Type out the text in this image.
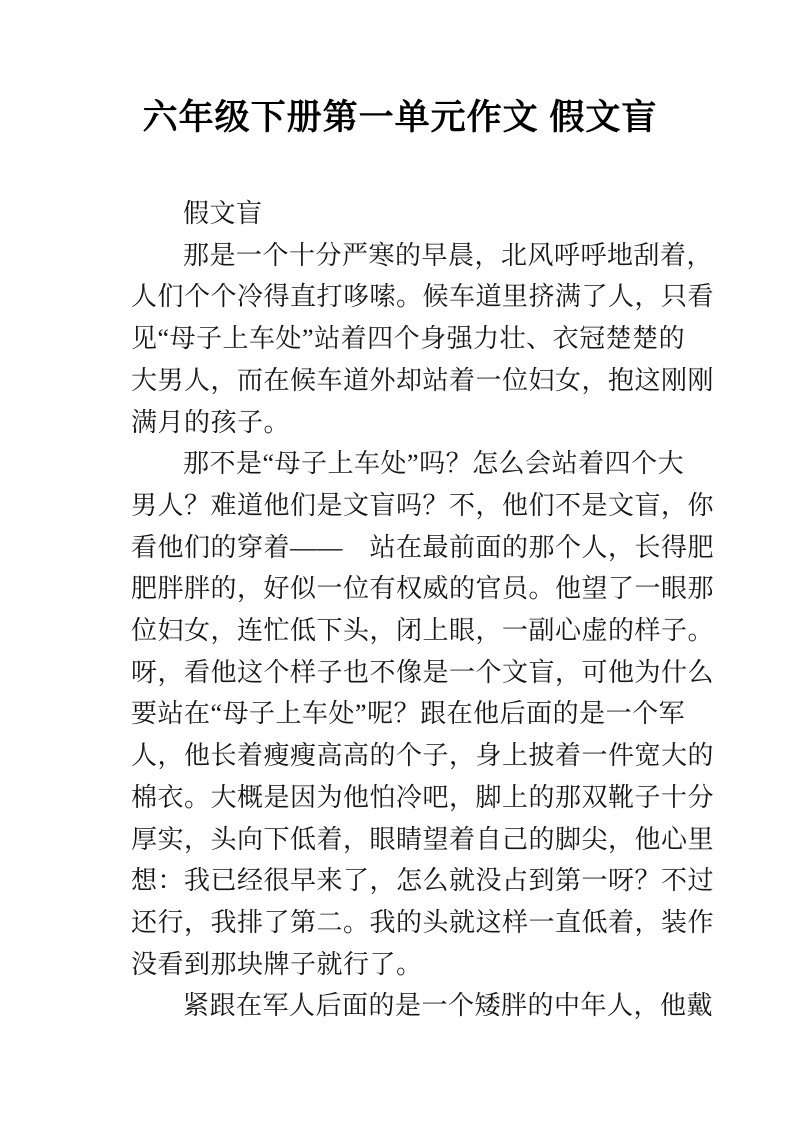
六年级下册第一单元作文 假文盲
假文盲
那是一个十分严寒的早晨，北风呼呼地刮着，
人们个个冷得直打哆嗦。候车道里挤满了人，只看
见“母子上车处”站着四个身强力壮、衣冠楚楚的
大男人，而在候车道外却站着一位妇女，抱这刚刚
满月的孩子。
那不是“母子上车处”吗？怎么会站着四个大
男人？难道他们是文盲吗？不，他们不是文盲，你
看他们的穿着——　站在最前面的那个人，长得肥
肥胖胖的，好似一位有权威的官员。他望了一眼那
位妇女，连忙低下头，闭上眼，一副心虚的样子。
呀，看他这个样子也不像是一个文盲，可他为什么
要站在“母子上车处”呢？跟在他后面的是一个军
人，他长着瘦瘦高高的个子，身上披着一件宽大的
棉衣。大概是因为他怕冷吧，脚上的那双靴子十分
厚实，头向下低着，眼睛望着自己的脚尖，他心里
想：我已经很早来了，怎么就没占到第一呀？不过
还行，我排了第二。我的头就这样一直低着，装作
没看到那块牌子就行了。
紧跟在军人后面的是一个矮胖的中年人，他戴
